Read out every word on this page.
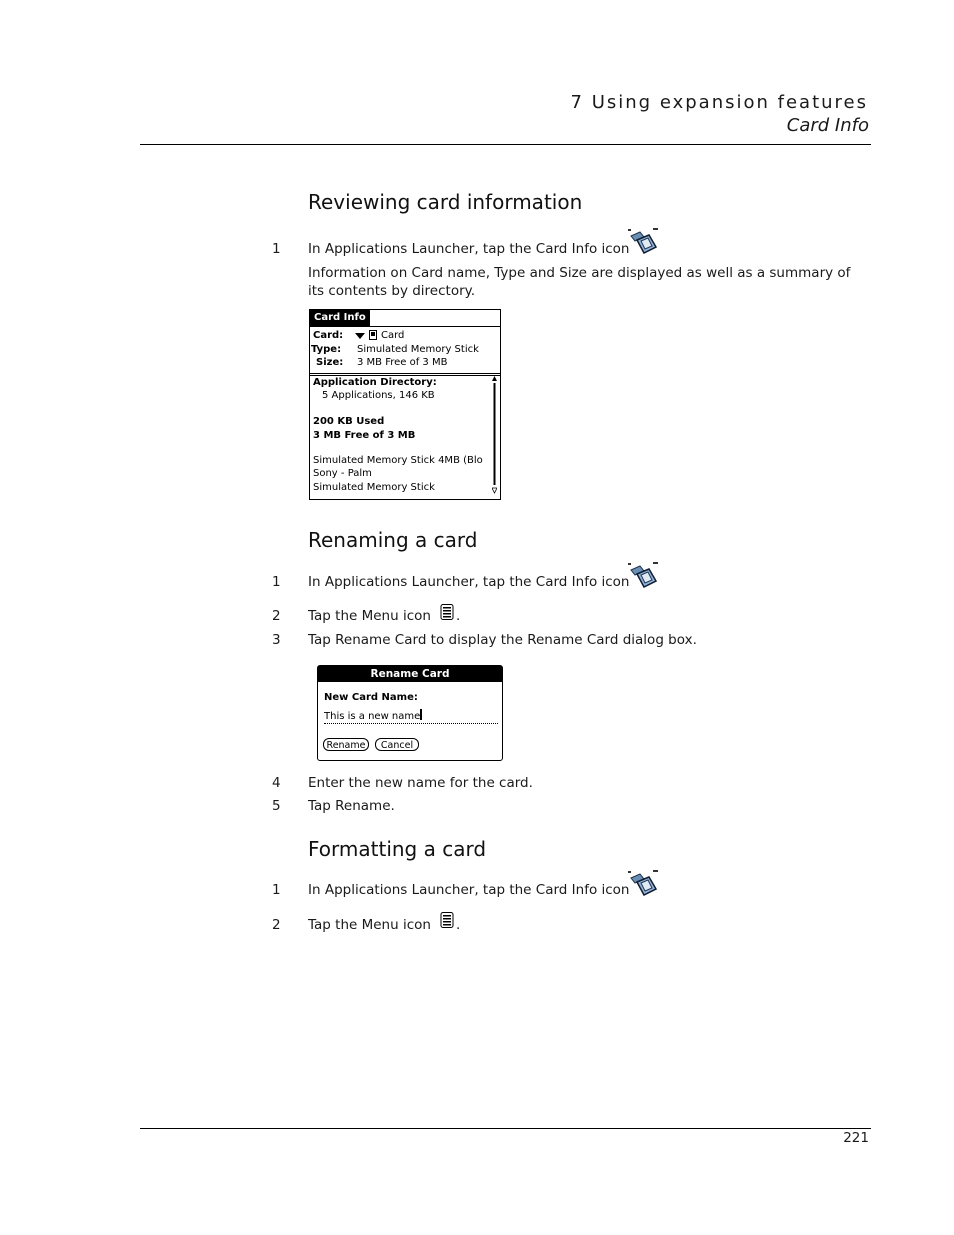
7 Using expansion features
Card Info
Reviewing card information
1 In Applications Launcher, tap the Card Info icon
Information on Card name, Type and Size are displayed as well as a summary of its contents by directory.
Card Info
Card:	Card
Type: Simulated Memory Stick
Size: 3 MB Free of 3 MB
Application Directory:
5 Applications, 146 KB
200 KB Used
3 MB Free of 3 MB
Simulated Memory Stick 4MB (Blo
Sony - Palm
Simulated Memory Stick
Renaming a card
1 In Applications Launcher, tap the Card Info icon
2 Tap the Menu icon .
3 Tap Rename Card to display the Rename Card dialog box.
Rename Card
New Card Name:
This is a new name
Rename	Cancel
4 Enter the new name for the card.
5 Tap Rename.
Formatting a card
1 In Applications Launcher, tap the Card Info icon
2 Tap the Menu icon .
221
